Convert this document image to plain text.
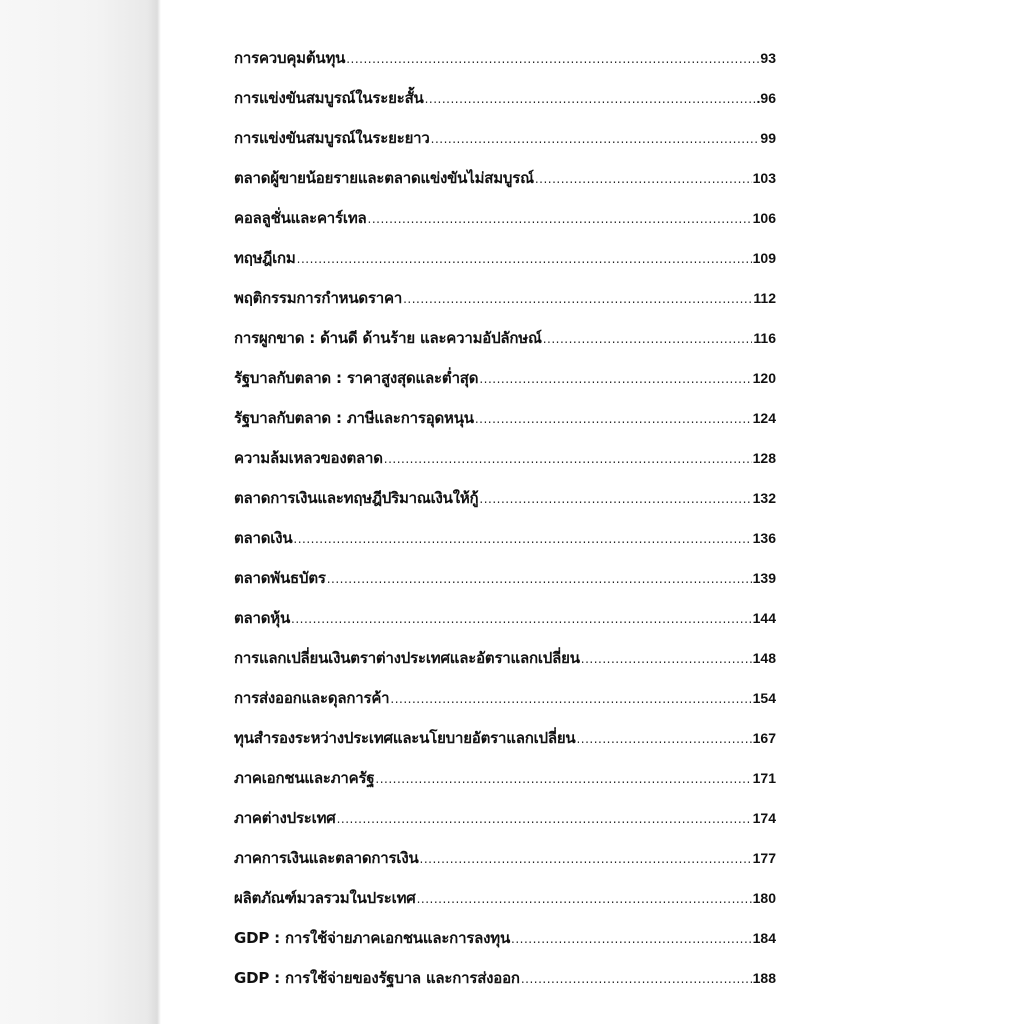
การควบคุมต้นทุน .....	93
การแข่งขันสมบูรณ์ในระยะสั้น .....	.96
การแข่งขันสมบูรณ์ในระยะยาว .....	99
ตลาดผู้ขายน้อยรายและตลาดแข่งขันไม่สมบูรณ์ .....	103
คอลลูชั่นและคาร์เทล .....	106
ทฤษฎีเกม .....	109
พฤติกรรมการกำหนดราคา .....	112
การผูกขาด : ด้านดี ด้านร้าย และความอัปลักษณ์ .....	116
รัฐบาลกับตลาด : ราคาสูงสุดและต่ำสุด .....	120
รัฐบาลกับตลาด : ภาษีและการอุดหนุน .....	124
ความล้มเหลวของตลาด .....	128
ตลาดการเงินและทฤษฎีปริมาณเงินให้กู้ .....	132
ตลาดเงิน .....	136
ตลาดพันธบัตร .....	139
ตลาดหุ้น .....	144
การแลกเปลี่ยนเงินตราต่างประเทศและอัตราแลกเปลี่ยน .....	148
การส่งออกและดุลการค้า .....	154
ทุนสำรองระหว่างประเทศและนโยบายอัตราแลกเปลี่ยน .....	167
ภาคเอกชนและภาครัฐ .....	171
ภาคต่างประเทศ .....	174
ภาคการเงินและตลาดการเงิน .....	177
ผลิตภัณฑ์มวลรวมในประเทศ .....	180
GDP : การใช้จ่ายภาคเอกชนและการลงทุน .....	184
GDP : การใช้จ่ายของรัฐบาล และการส่งออก .....	188
